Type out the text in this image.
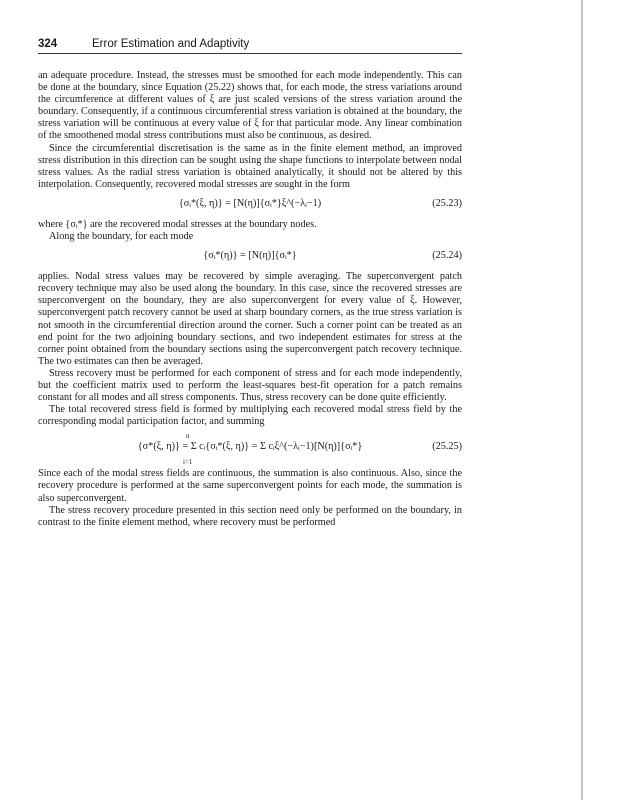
324	Error Estimation and Adaptivity

an adequate procedure. Instead, the stresses must be smoothed for each mode independently. This can be done at the boundary, since Equation (25.22) shows that, for each mode, the stress variations around the circumference at different values of ξ are just scaled versions of the stress variation around the boundary. Consequently, if a continuous circumferential stress variation is obtained at the boundary, the stress variation will be continuous at every value of ξ for that particular mode. Any linear combination of the smoothened modal stress contributions must also be continuous, as desired.

Since the circumferential discretisation is the same as in the finite element method, an improved stress distribution in this direction can be sought using the shape functions to interpolate between nodal stress values. As the radial stress variation is obtained analytically, it should not be altered by this interpolation. Consequently, recovered modal stresses are sought in the form

{σᵢ*(ξ, η)} = [N(η)]{σᵢ*}ξ^(−λᵢ−1)	(25.23)

where {σᵢ*} are the recovered modal stresses at the boundary nodes.

Along the boundary, for each mode

{σᵢ*(η)} = [N(η)]{σᵢ*}	(25.24)

applies. Nodal stress values may be recovered by simple averaging. The superconvergent patch recovery technique may also be used along the boundary. In this case, since the recovered stresses are superconvergent on the boundary, they are also superconvergent for every value of ξ. However, superconvergent patch recovery cannot be used at sharp boundary corners, as the true stress variation is not smooth in the circumferential direction around the corner. Such a corner point can be treated as an end point for the two adjoining boundary sections, and two independent estimates for stress at the corner point obtained from the boundary sections using the superconvergent patch recovery technique. The two estimates can then be averaged.

Stress recovery must be performed for each component of stress and for each mode independently, but the coefficient matrix used to perform the least-squares best-fit operation for a patch remains constant for all modes and all stress components. Thus, stress recovery can be done quite efficiently.

The total recovered stress field is formed by multiplying each recovered modal stress field by the corresponding modal participation factor, and summing

n
i=1
{σ*(ξ, η)} = Σ cᵢ{σᵢ*(ξ, η)} = Σ cᵢξ^(−λᵢ−1)[N(η)]{σᵢ*}	(25.25)

Since each of the modal stress fields are continuous, the summation is also continuous. Also, since the recovery procedure is performed at the same superconvergent points for each mode, the summation is also superconvergent.

The stress recovery procedure presented in this section need only be performed on the boundary, in contrast to the finite element method, where recovery must be performed
